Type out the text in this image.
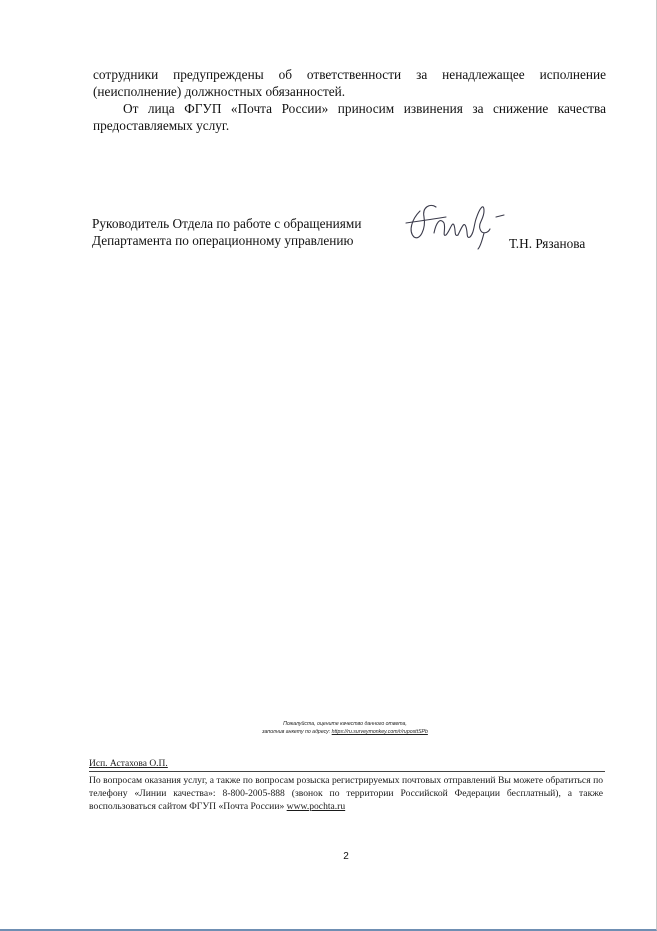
сотрудники предупреждены об ответственности за ненадлежащее исполнение (неисполнение) должностных обязанностей.
От лица ФГУП «Почта России» приносим извинения за снижение качества предоставляемых услуг.
Руководитель Отдела по работе с обращениями
Департамента по операционному управлению	Т.Н. Рязанова
Пожалуйста, оцените качество данного ответа,
заполнив анкету по адресу: https://ru.surveymonkey.com/r/ruposttSPb
Исп. Астахова О.П.
По вопросам оказания услуг, а также по вопросам розыска регистрируемых почтовых отправлений Вы можете обратиться по телефону «Линии качества»: 8-800-2005-888 (звонок по территории Российской Федерации бесплатный), а также воспользоваться сайтом ФГУП «Почта России» www.pochta.ru
2
